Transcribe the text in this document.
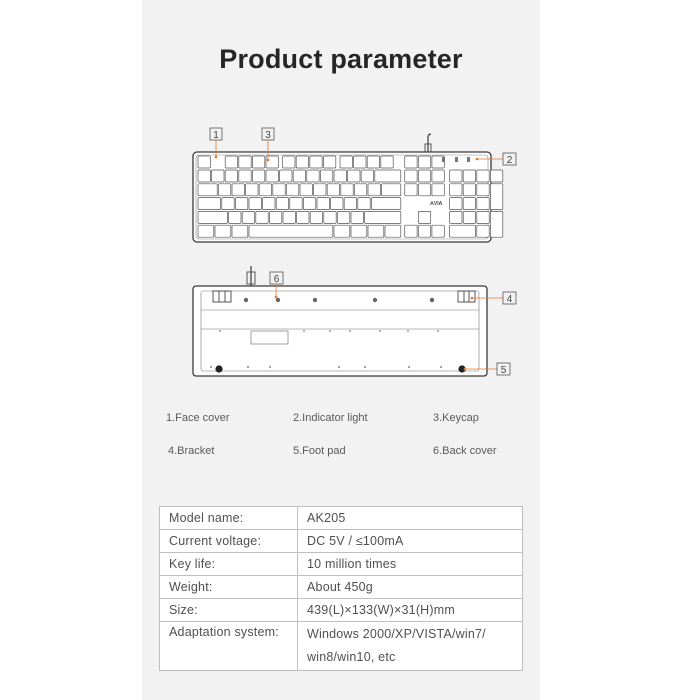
Product parameter
ꓥVIA
1	3
2
6
4
5
1.Face cover	2.Indicator light	3.Keycap
4.Bracket	5.Foot pad	6.Back cover
Model name:	AK205
Current voltage:	DC 5V / ≤100mA
Key life:	10 million times
Weight:	About 450g
Size:	439(L)×133(W)×31(H)mm
Adaptation system:	Windows 2000/XP/VISTA/win7/
win8/win10, etc
